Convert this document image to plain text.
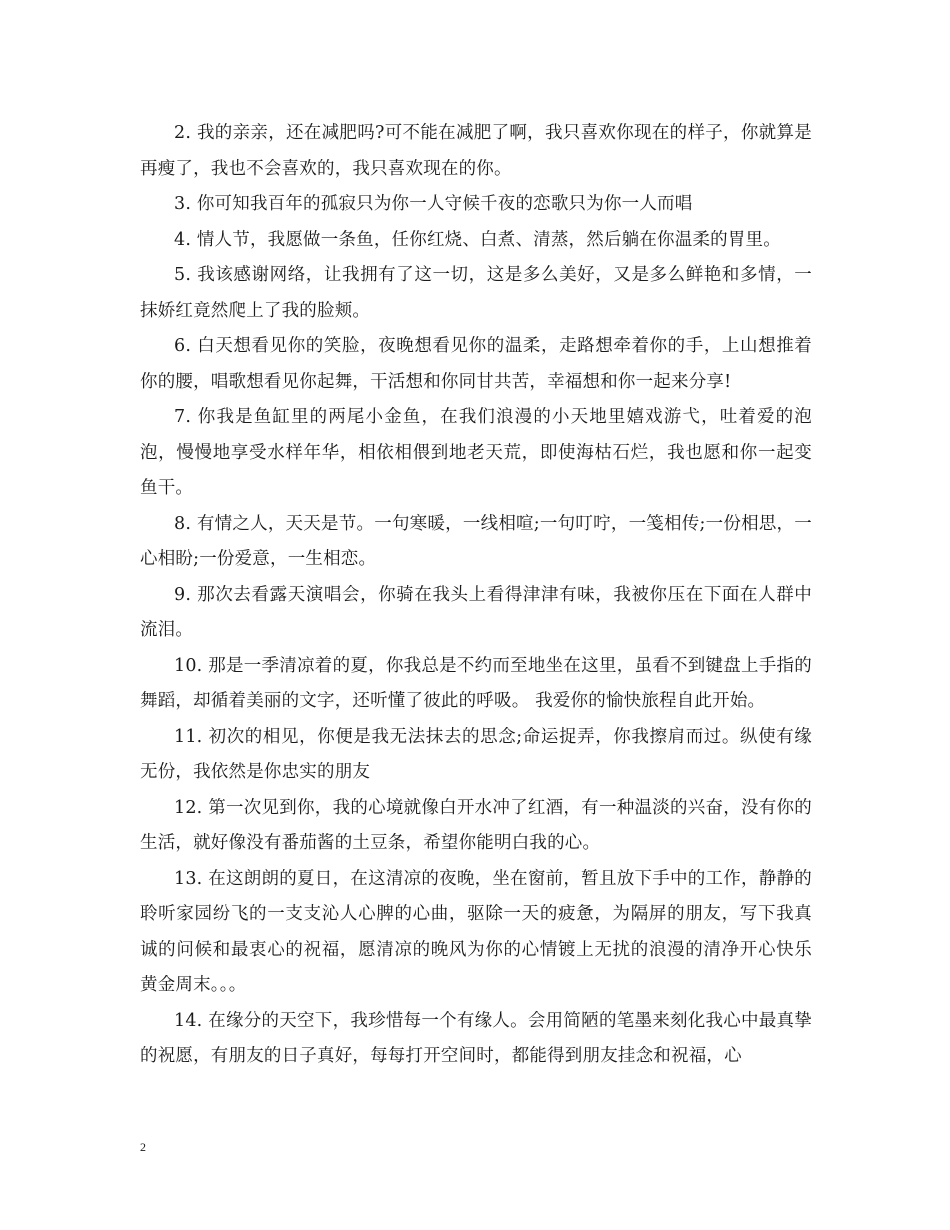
2. 我的亲亲，还在减肥吗?可不能在减肥了啊，我只喜欢你现在的样子，你就算是再瘦了，我也不会喜欢的，我只喜欢现在的你。

3. 你可知我百年的孤寂只为你一人守候千夜的恋歌只为你一人而唱

4. 情人节，我愿做一条鱼，任你红烧、白煮、清蒸，然后躺在你温柔的胃里。

5. 我该感谢网络，让我拥有了这一切，这是多么美好，又是多么鲜艳和多情，一抹娇红竟然爬上了我的脸颊。

6. 白天想看见你的笑脸，夜晚想看见你的温柔，走路想牵着你的手，上山想推着你的腰，唱歌想看见你起舞，干活想和你同甘共苦，幸福想和你一起来分享!

7. 你我是鱼缸里的两尾小金鱼，在我们浪漫的小天地里嬉戏游弋，吐着爱的泡泡，慢慢地享受水样年华，相依相偎到地老天荒，即使海枯石烂，我也愿和你一起变鱼干。

8. 有情之人，天天是节。一句寒暖，一线相喧;一句叮咛，一笺相传;一份相思，一心相盼;一份爱意，一生相恋。

9. 那次去看露天演唱会，你骑在我头上看得津津有味，我被你压在下面在人群中流泪。

10. 那是一季清凉着的夏，你我总是不约而至地坐在这里，虽看不到键盘上手指的舞蹈，却循着美丽的文字，还听懂了彼此的呼吸。 我爱你的愉快旅程自此开始。

11. 初次的相见，你便是我无法抹去的思念;命运捉弄，你我擦肩而过。纵使有缘无份，我依然是你忠实的朋友

12. 第一次见到你，我的心境就像白开水冲了红酒，有一种温淡的兴奋，没有你的生活，就好像没有番茄酱的土豆条，希望你能明白我的心。

13. 在这朗朗的夏日，在这清凉的夜晚，坐在窗前，暂且放下手中的工作，静静的聆听家园纷飞的一支支沁人心脾的心曲，驱除一天的疲惫，为隔屏的朋友，写下我真诚的问候和最衷心的祝福，愿清凉的晚风为你的心情镀上无扰的浪漫的清净开心快乐黄金周末。。。

14. 在缘分的天空下，我珍惜每一个有缘人。会用简陋的笔墨来刻化我心中最真挚的祝愿，有朋友的日子真好，每每打开空间时，都能得到朋友挂念和祝福，心

2
